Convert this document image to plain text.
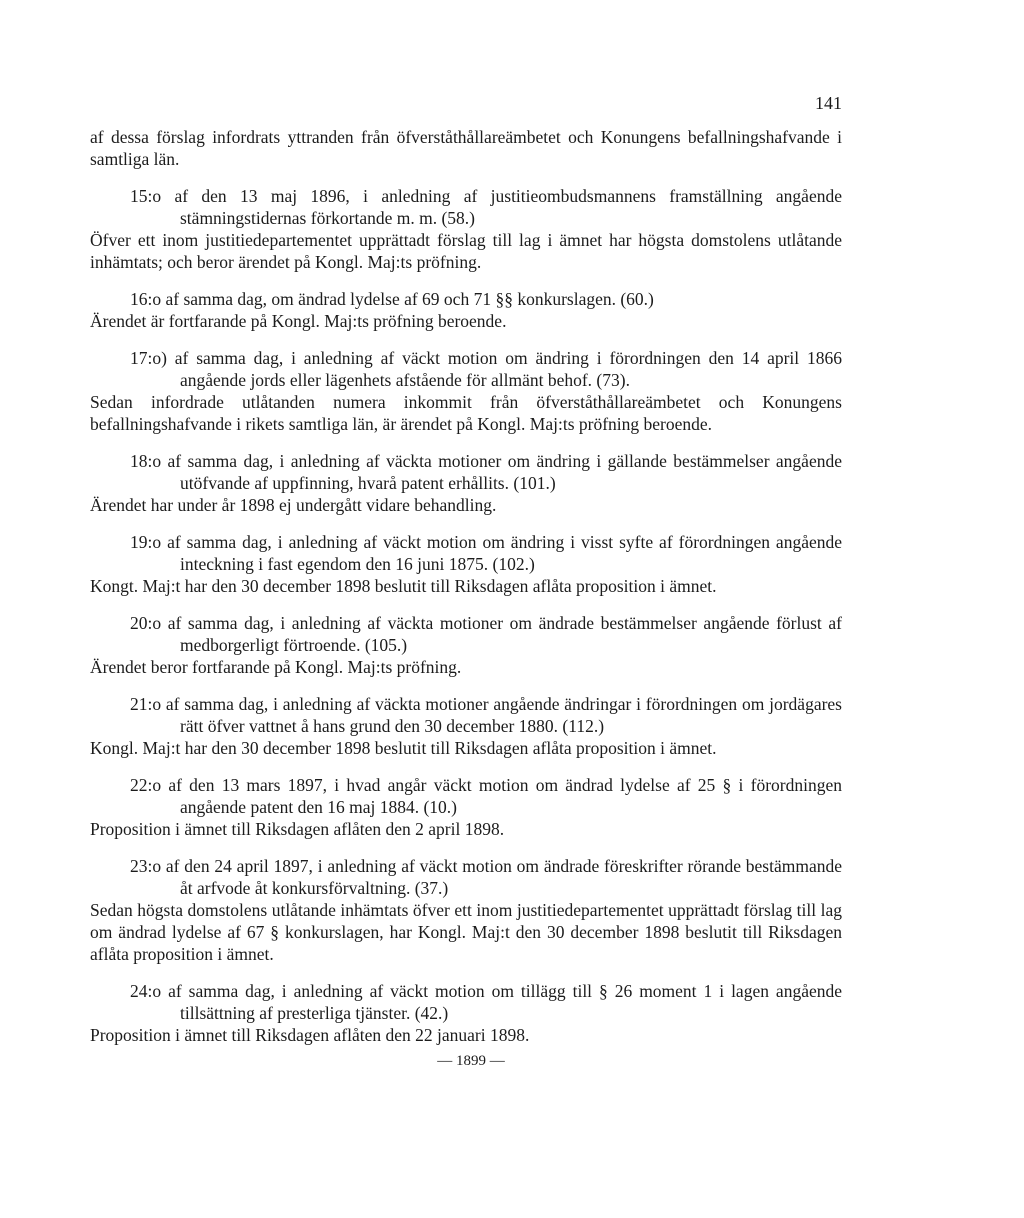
141

af dessa förslag infordrats yttranden från öfverståthållareämbetet och Konungens befallningshafvande i samtliga län.

15:o af den 13 maj 1896, i anledning af justitieombudsmannens framställning angående stämningstidernas förkortande m. m. (58.)

Öfver ett inom justitiedepartementet upprättadt förslag till lag i ämnet har högsta domstolens utlåtande inhämtats; och beror ärendet på Kongl. Maj:ts pröfning.

16:o af samma dag, om ändrad lydelse af 69 och 71 §§ konkurslagen. (60.)

Ärendet är fortfarande på Kongl. Maj:ts pröfning beroende.

17:o) af samma dag, i anledning af väckt motion om ändring i förordningen den 14 april 1866 angående jords eller lägenhets afstående för allmänt behof. (73).

Sedan infordrade utlåtanden numera inkommit från öfverståthållareämbetet och Konungens befallningshafvande i rikets samtliga län, är ärendet på Kongl. Maj:ts pröfning beroende.

18:o af samma dag, i anledning af väckta motioner om ändring i gällande bestämmelser angående utöfvande af uppfinning, hvarå patent erhållits. (101.)

Ärendet har under år 1898 ej undergått vidare behandling.

19:o af samma dag, i anledning af väckt motion om ändring i visst syfte af förordningen angående inteckning i fast egendom den 16 juni 1875. (102.)

Kongt. Maj:t har den 30 december 1898 beslutit till Riksdagen aflåta proposition i ämnet.

20:o af samma dag, i anledning af väckta motioner om ändrade bestämmelser angående förlust af medborgerligt förtroende. (105.)

Ärendet beror fortfarande på Kongl. Maj:ts pröfning.

21:o af samma dag, i anledning af väckta motioner angående ändringar i förordningen om jordägares rätt öfver vattnet å hans grund den 30 december 1880. (112.)

Kongl. Maj:t har den 30 december 1898 beslutit till Riksdagen aflåta proposition i ämnet.

22:o af den 13 mars 1897, i hvad angår väckt motion om ändrad lydelse af 25 § i förordningen angående patent den 16 maj 1884. (10.)

Proposition i ämnet till Riksdagen aflåten den 2 april 1898.

23:o af den 24 april 1897, i anledning af väckt motion om ändrade föreskrifter rörande bestämmande åt arfvode åt konkursförvaltning. (37.)

Sedan högsta domstolens utlåtande inhämtats öfver ett inom justitiedepartementet upprättadt förslag till lag om ändrad lydelse af 67 § konkurslagen, har Kongl. Maj:t den 30 december 1898 beslutit till Riksdagen aflåta proposition i ämnet.

24:o af samma dag, i anledning af väckt motion om tillägg till § 26 moment 1 i lagen angående tillsättning af presterliga tjänster. (42.)

Proposition i ämnet till Riksdagen aflåten den 22 januari 1898.

— 1899 —
